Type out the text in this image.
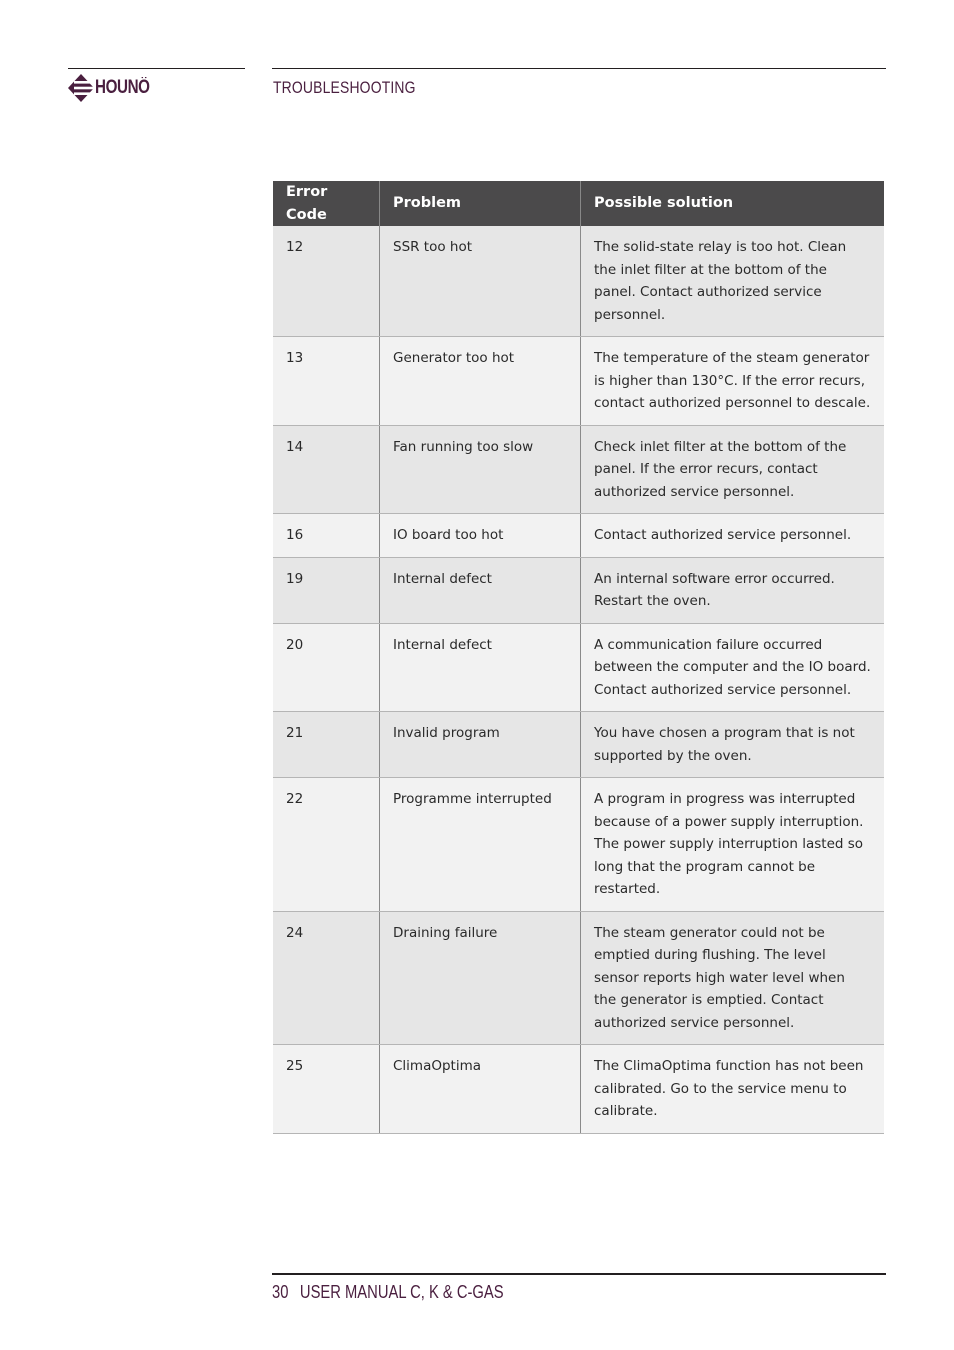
HOUNÖ	TROUBLESHOOTING
Error Code	Problem	Possible solution
12	SSR too hot	The solid-state relay is too hot. Clean the inlet filter at the bottom of the panel. Contact authorized service personnel.
13	Generator too hot	The temperature of the steam generator is higher than 130°C. If the error recurs, contact authorized personnel to descale.
14	Fan running too slow	Check inlet filter at the bottom of the panel. If the error recurs, contact authorized service personnel.
16	IO board too hot	Contact authorized service personnel.
19	Internal defect	An internal software error occurred. Restart the oven.
20	Internal defect	A communication failure occurred between the computer and the IO board. Contact authorized service personnel.
21	Invalid program	You have chosen a program that is not supported by the oven.
22	Programme interrupted	A program in progress was interrupted because of a power supply interruption. The power supply interruption lasted so long that the program cannot be restarted.
24	Draining failure	The steam generator could not be emptied during flushing. The level sensor reports high water level when the generator is emptied. Contact authorized service personnel.
25	ClimaOptima	The ClimaOptima function has not been calibrated. Go to the service menu to calibrate.
30 USER MANUAL C, K & C-GAS
